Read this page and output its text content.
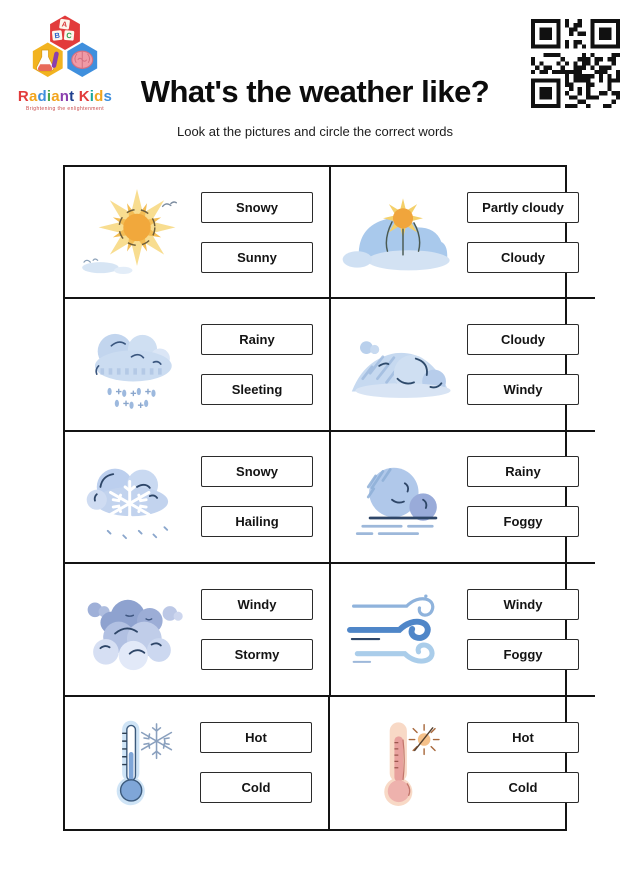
A
B C
Radiant Kids
Brightening the enlightenment	What's the weather like?
Look at the pictures and circle the correct words
Snowy
Sunny
Partly cloudy
Cloudy
Rainy
Sleeting
Cloudy
Windy
Snowy
Hailing
Rainy
Foggy
Windy
Stormy
Windy
Foggy
Hot
Cold
Hot
Cold
